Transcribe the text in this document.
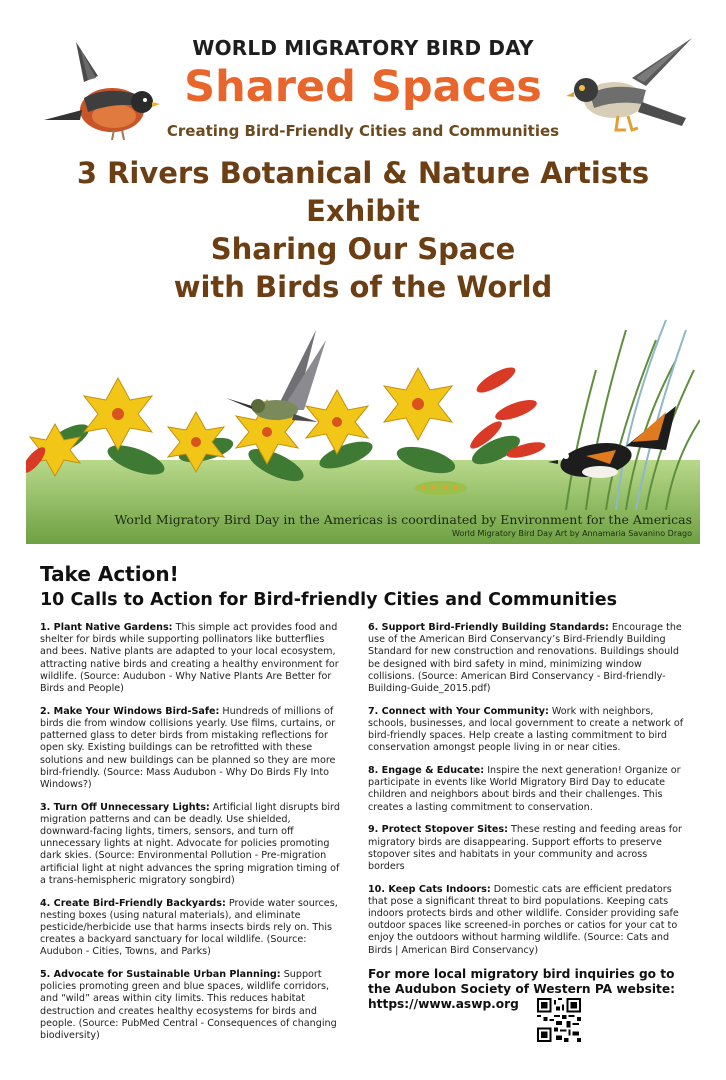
WORLD MIGRATORY BIRD DAY
Shared Spaces
Creating Bird-Friendly Cities and Communities
3 Rivers Botanical & Nature Artists
Exhibit
Sharing Our Space
with Birds of the World
World Migratory Bird Day in the Americas is coordinated by Environment for the Americas
World Migratory Bird Day Art by Annamaria Savanino Drago
Take Action!
10 Calls to Action for Bird-friendly Cities and Communities
1. Plant Native Gardens: This simple act provides food and shelter for birds while supporting pollinators like butterflies and bees. Native plants are adapted to your local ecosystem, attracting native birds and creating a healthy environment for wildlife. (Source: Audubon - Why Native Plants Are Better for Birds and People)
2. Make Your Windows Bird-Safe: Hundreds of millions of birds die from window collisions yearly. Use films, curtains, or patterned glass to deter birds from mistaking reflections for open sky. Existing buildings can be retrofitted with these solutions and new buildings can be planned so they are more bird-friendly. (Source: Mass Audubon - Why Do Birds Fly Into Windows?)
3. Turn Off Unnecessary Lights: Artificial light disrupts bird migration patterns and can be deadly. Use shielded, downward-facing lights, timers, sensors, and turn off unnecessary lights at night. Advocate for policies promoting dark skies. (Source: Environmental Pollution - Pre-migration artificial light at night advances the spring migration timing of a trans-hemispheric migratory songbird)
4. Create Bird-Friendly Backyards: Provide water sources, nesting boxes (using natural materials), and eliminate pesticide/herbicide use that harms insects birds rely on. This creates a backyard sanctuary for local wildlife. (Source: Audubon - Cities, Towns, and Parks)
5. Advocate for Sustainable Urban Planning: Support policies promoting green and blue spaces, wildlife corridors, and “wild” areas within city limits. This reduces habitat destruction and creates healthy ecosystems for birds and people. (Source: PubMed Central - Consequences of changing biodiversity)
6. Support Bird-Friendly Building Standards: Encourage the use of the American Bird Conservancy’s Bird-Friendly Building Standard for new construction and renovations. Buildings should be designed with bird safety in mind, minimizing window collisions. (Source: American Bird Conservancy - Bird-friendly-Building-Guide_2015.pdf)
7. Connect with Your Community: Work with neighbors, schools, businesses, and local government to create a network of bird-friendly spaces. Help create a lasting commitment to bird conservation amongst people living in or near cities.
8. Engage & Educate: Inspire the next generation! Organize or participate in events like World Migratory Bird Day to educate children and neighbors about birds and their challenges. This creates a lasting commitment to conservation.
9. Protect Stopover Sites: These resting and feeding areas for migratory birds are disappearing. Support efforts to preserve stopover sites and habitats in your community and across borders
10. Keep Cats Indoors: Domestic cats are efficient predators that pose a significant threat to bird populations. Keeping cats indoors protects birds and other wildlife. Consider providing safe outdoor spaces like screened-in porches or catios for your cat to enjoy the outdoors without harming wildlife. (Source: Cats and Birds | American Bird Conservancy)
For more local migratory bird inquiries go to the Audubon Society of Western PA website:
https://www.aswp.org
